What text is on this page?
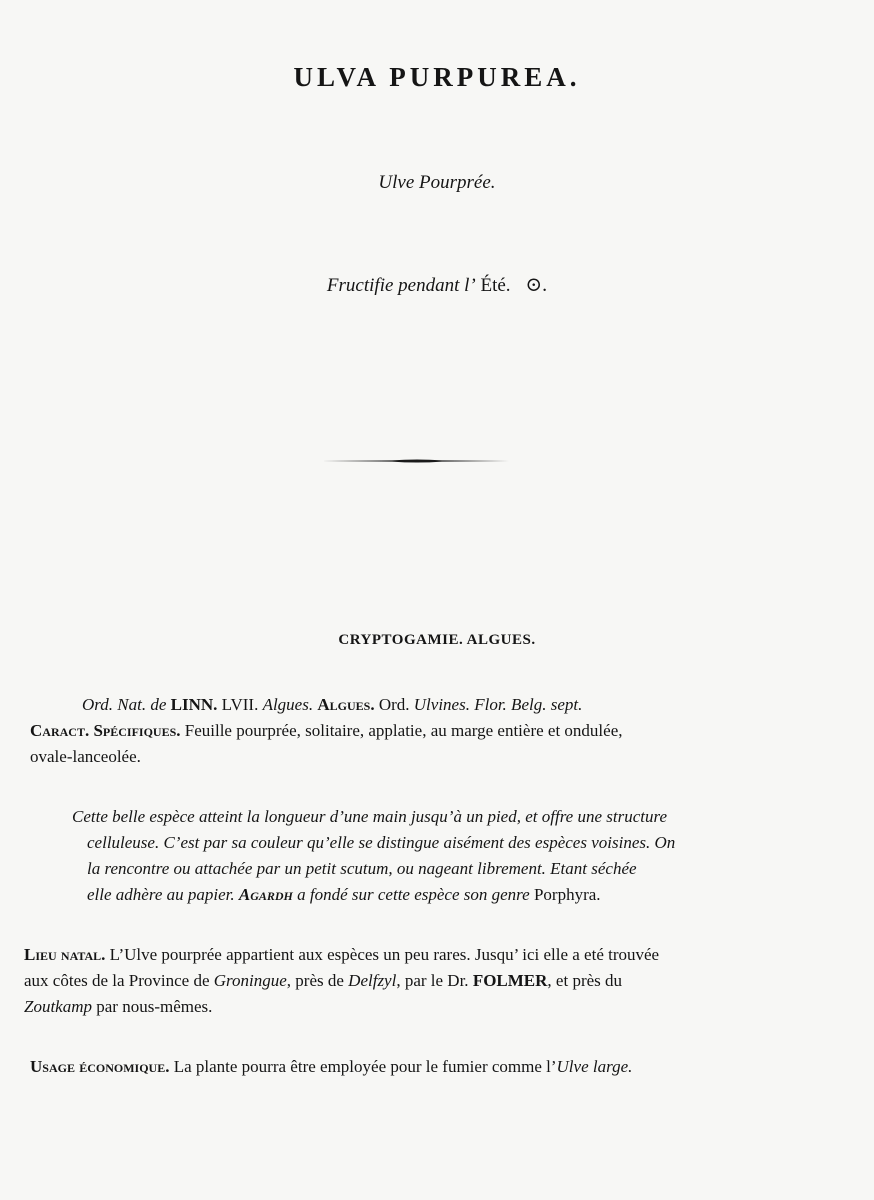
ULVA PURPUREA.
Ulve Pourprée.
Fructifie pendant l’ Été. ⊙.
CRYPTOGAMIE. ALGUES.
Ord. Nat. de LINN. LVII. Algues. Algues. Ord. Ulvines. Flor. Belg. sept.
Caract. Spécifiques. Feuille pourprée, solitaire, applatie, au marge entière et ondulée,
ovale-lanceolée.
Cette belle espèce atteint la longueur d’une main jusqu’à un pied, et offre une structure
celluleuse. C’est par sa couleur qu’elle se distingue aisément des espèces voisines. On
la rencontre ou attachée par un petit scutum, ou nageant librement. Etant séchée
elle adhère au papier. Agardh a fondé sur cette espèce son genre Porphyra.
Lieu natal. L’Ulve pourprée appartient aux espèces un peu rares. Jusqu’ ici elle a eté trouvée
aux côtes de la Province de Groningue, près de Delfzyl, par le Dr. FOLMER, et près du
Zoutkamp par nous-mêmes.
Usage économique. La plante pourra être employée pour le fumier comme l’Ulve large.
